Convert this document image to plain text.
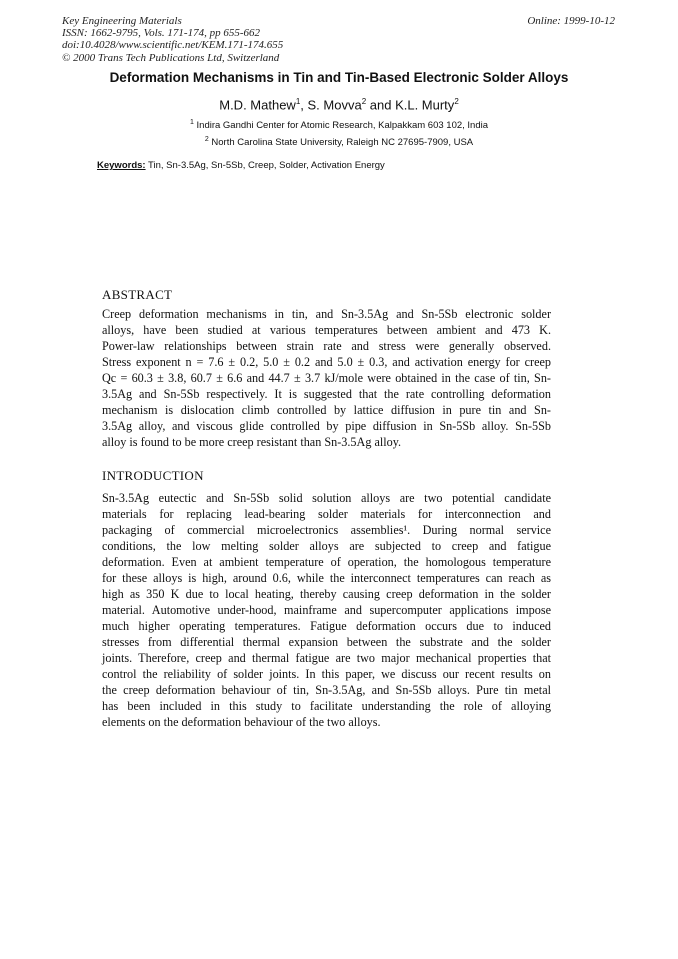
Key Engineering Materials
ISSN: 1662-9795, Vols. 171-174, pp 655-662
doi:10.4028/www.scientific.net/KEM.171-174.655
© 2000 Trans Tech Publications Ltd, Switzerland
Online: 1999-10-12
Deformation Mechanisms in Tin and Tin-Based Electronic Solder Alloys
M.D. Mathew$^1$, S. Movva$^2$ and K.L. Murty$^2$
$^1$ Indira Gandhi Center for Atomic Research, Kalpakkam 603 102, India
$^2$ North Carolina State University, Raleigh NC 27695-7909, USA
Keywords: Tin, Sn-3.5Ag, Sn-5Sb, Creep, Solder, Activation Energy
ABSTRACT
Creep deformation mechanisms in tin, and Sn-3.5Ag and Sn-5Sb electronic solder
alloys, have been studied at various temperatures between ambient and 473 K.
Power-law relationships between strain rate and stress were generally observed.
Stress exponent n = 7.6 ± 0.2, 5.0 ± 0.2 and 5.0 ± 0.3, and activation energy for creep
Qc = 60.3 ± 3.8, 60.7 ± 6.6 and 44.7 ± 3.7 kJ/mole were obtained in the case of tin, Sn-
3.5Ag and Sn-5Sb respectively. It is suggested that the rate controlling deformation
mechanism is dislocation climb controlled by lattice diffusion in pure tin and Sn-
3.5Ag alloy, and viscous glide controlled by pipe diffusion in Sn-5Sb alloy. Sn-5Sb
alloy is found to be more creep resistant than Sn-3.5Ag alloy.
INTRODUCTION
Sn-3.5Ag eutectic and Sn-5Sb solid solution alloys are two potential candidate
materials for replacing lead-bearing solder materials for interconnection and
packaging of commercial microelectronics assemblies¹. During normal service
conditions, the low melting solder alloys are subjected to creep and fatigue
deformation. Even at ambient temperature of operation, the homologous temperature
for these alloys is high, around 0.6, while the interconnect temperatures can reach as
high as 350 K due to local heating, thereby causing creep deformation in the solder
material. Automotive under-hood, mainframe and supercomputer applications impose
much higher operating temperatures. Fatigue deformation occurs due to induced
stresses from differential thermal expansion between the substrate and the solder
joints. Therefore, creep and thermal fatigue are two major mechanical properties that
control the reliability of solder joints. In this paper, we discuss our recent results on
the creep deformation behaviour of tin, Sn-3.5Ag, and Sn-5Sb alloys. Pure tin metal
has been included in this study to facilitate understanding the role of alloying
elements on the deformation behaviour of the two alloys.
